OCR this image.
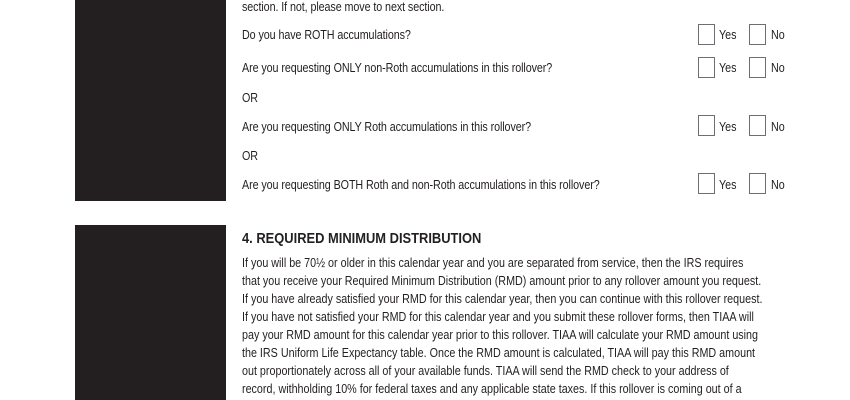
section. If not, please move to next section.
Do you have ROTH accumulations?	Yes	No
Are you requesting ONLY non-Roth accumulations in this rollover?	Yes	No
OR
Are you requesting ONLY Roth accumulations in this rollover?	Yes	No
OR
Are you requesting BOTH Roth and non-Roth accumulations in this rollover?	Yes	No
4. REQUIRED MINIMUM DISTRIBUTION
If you will be 70½ or older in this calendar year and you are separated from service, then the IRS requires
that you receive your Required Minimum Distribution (RMD) amount prior to any rollover amount you request.
If you have already satisfied your RMD for this calendar year, then you can continue with this rollover request.
If you have not satisfied your RMD for this calendar year and you submit these rollover forms, then TIAA will
pay your RMD amount for this calendar year prior to this rollover. TIAA will calculate your RMD amount using
the IRS Uniform Life Expectancy table. Once the RMD amount is calculated, TIAA will pay this RMD amount
out proportionately across all of your available funds. TIAA will send the RMD check to your address of
record, withholding 10% for federal taxes and any applicable state taxes. If this rollover is coming out of a
